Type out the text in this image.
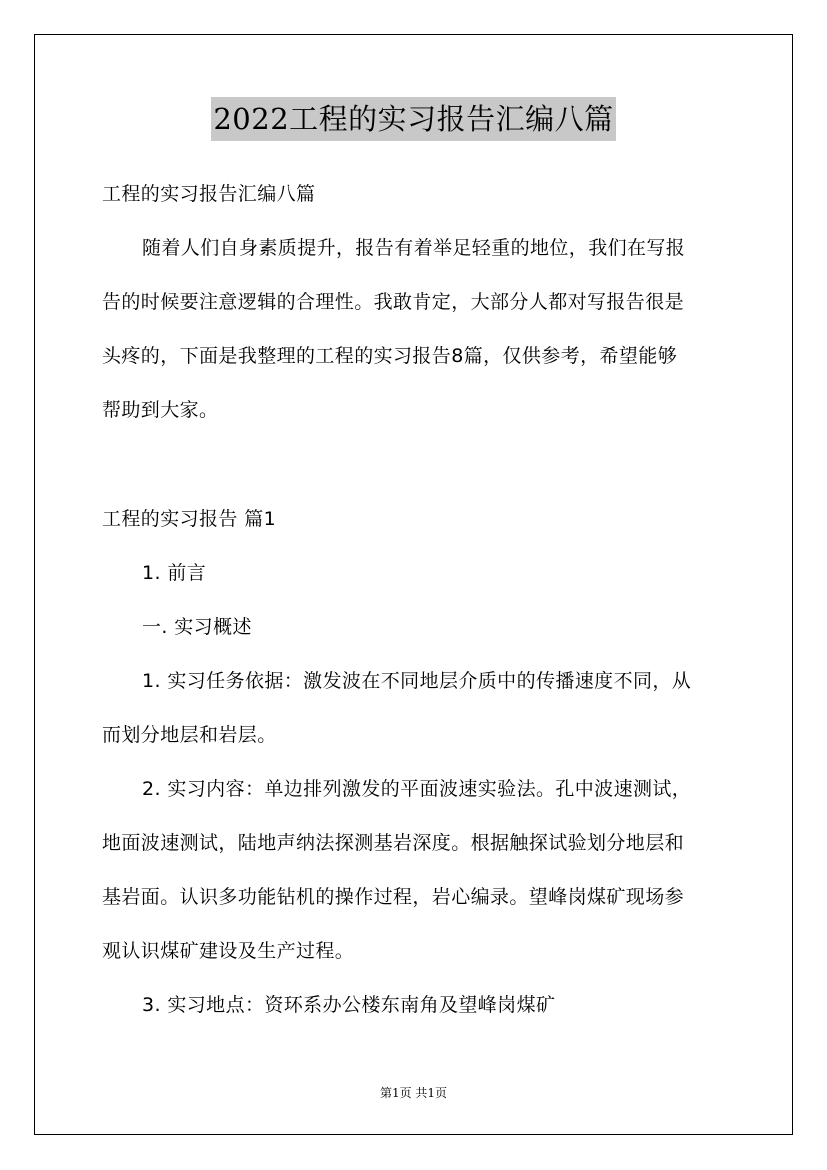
2022工程的实习报告汇编八篇
工程的实习报告汇编八篇
随着人们自身素质提升，报告有着举足轻重的地位，我们在写报
告的时候要注意逻辑的合理性。我敢肯定，大部分人都对写报告很是
头疼的，下面是我整理的工程的实习报告8篇，仅供参考，希望能够
帮助到大家。
工程的实习报告 篇1
1. 前言
一. 实习概述
1. 实习任务依据：激发波在不同地层介质中的传播速度不同，从
而划分地层和岩层。
2. 实习内容：单边排列激发的平面波速实验法。孔中波速测试，
地面波速测试，陆地声纳法探测基岩深度。根据触探试验划分地层和
基岩面。认识多功能钻机的操作过程，岩心编录。望峰岗煤矿现场参
观认识煤矿建设及生产过程。
3. 实习地点：资环系办公楼东南角及望峰岗煤矿
第1页 共1页
